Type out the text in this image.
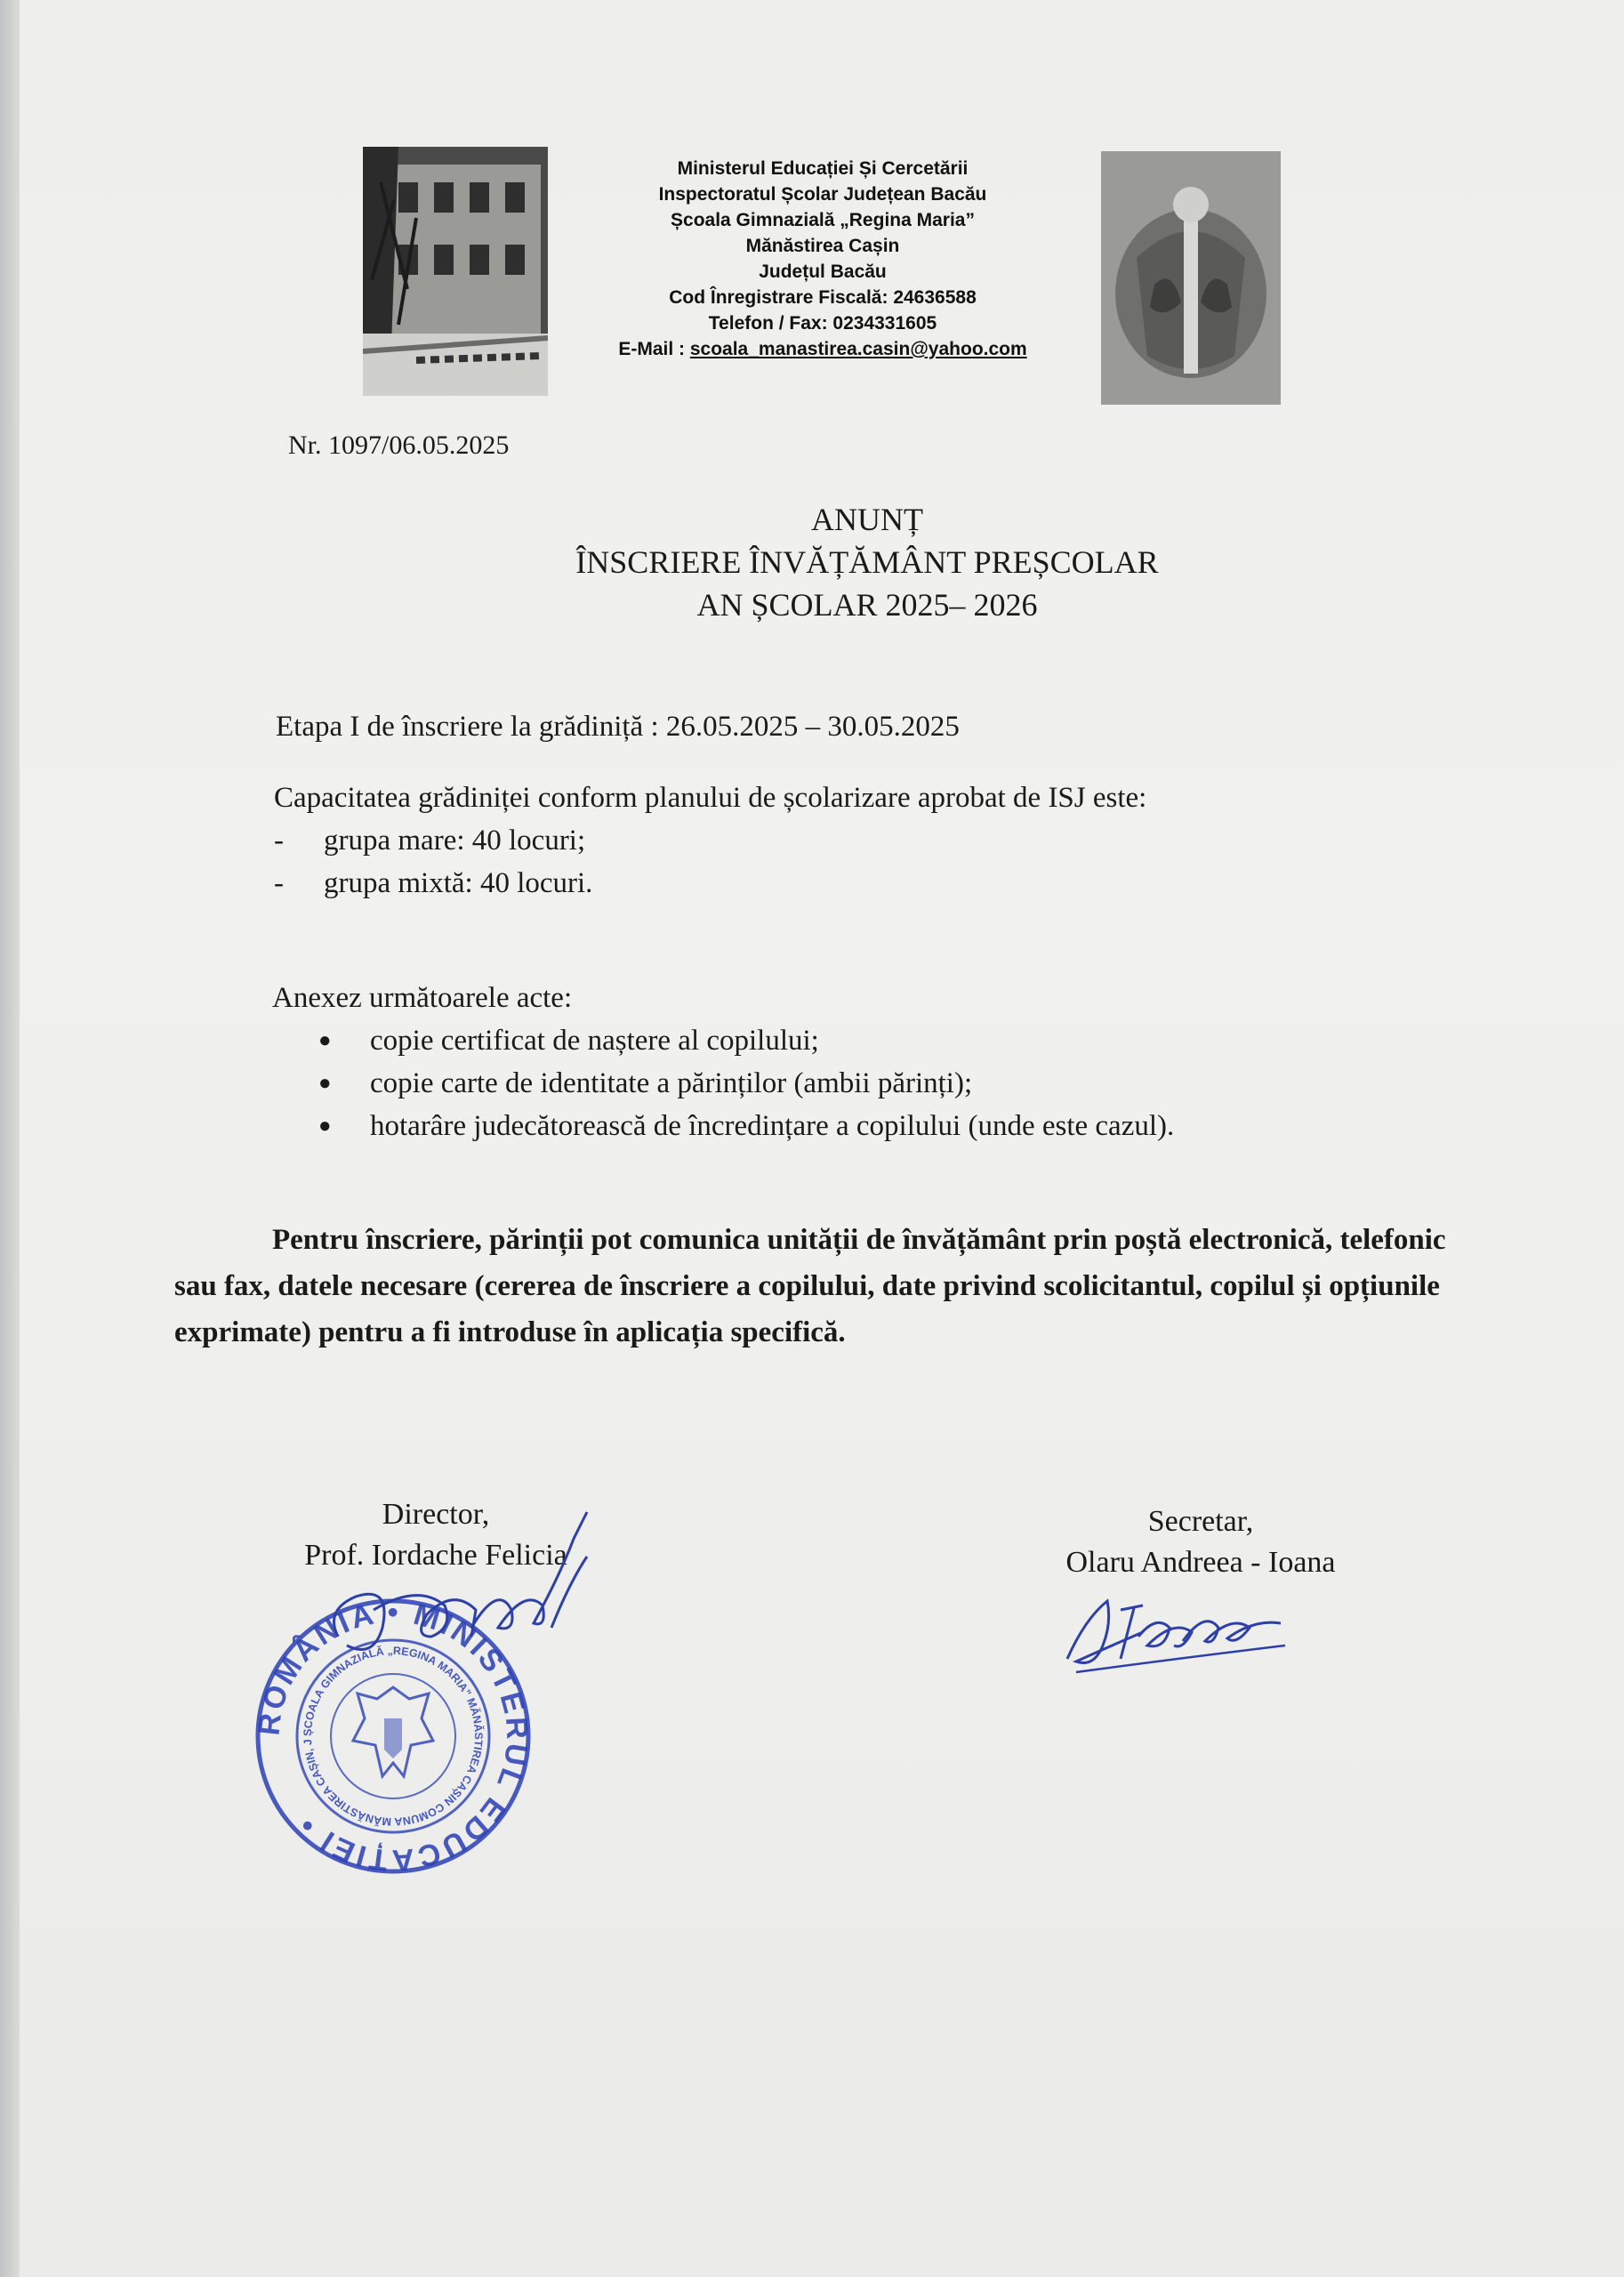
Ministerul Educației Și Cercetării
Inspectoratul Școlar Județean Bacău
Școala Gimnazială „Regina Maria”
Mănăstirea Cașin
Județul Bacău
Cod Înregistrare Fiscală: 24636588
Telefon / Fax: 0234331605
E-Mail : scoala_manastirea.casin@yahoo.com
Nr. 1097/06.05.2025
ANUNȚ
ÎNSCRIERE ÎNVĂȚĂMÂNT PREȘCOLAR
AN ȘCOLAR 2025– 2026
Etapa I de înscriere la grădiniță : 26.05.2025 – 30.05.2025
Capacitatea grădiniței conform planului de școlarizare aprobat de ISJ este:
- grupa mare: 40 locuri;
- grupa mixtă: 40 locuri.
Anexez următoarele acte:
● copie certificat de naștere al copilului;
● copie carte de identitate a părinților (ambii părinți);
● hotarâre judecătorească de încredințare a copilului (unde este cazul).
Pentru înscriere, părinții pot comunica unității de învățământ prin poștă electronică, telefonic sau fax, datele necesare (cererea de înscriere a copilului, date privind scolicitantul, copilul și opțiunile exprimate) pentru a fi introduse în aplicația specifică.
Director,
Prof. Iordache Felicia
Secretar,
Olaru Andreea - Ioana
ROMÂNIA • MINISTERUL EDUCAȚIEI •
ȘCOALA GIMNAZIALĂ „REGINA MARIA” MĂNĂSTIREA CAȘIN COMUNA MĂNĂSTIREA CAȘIN, J
